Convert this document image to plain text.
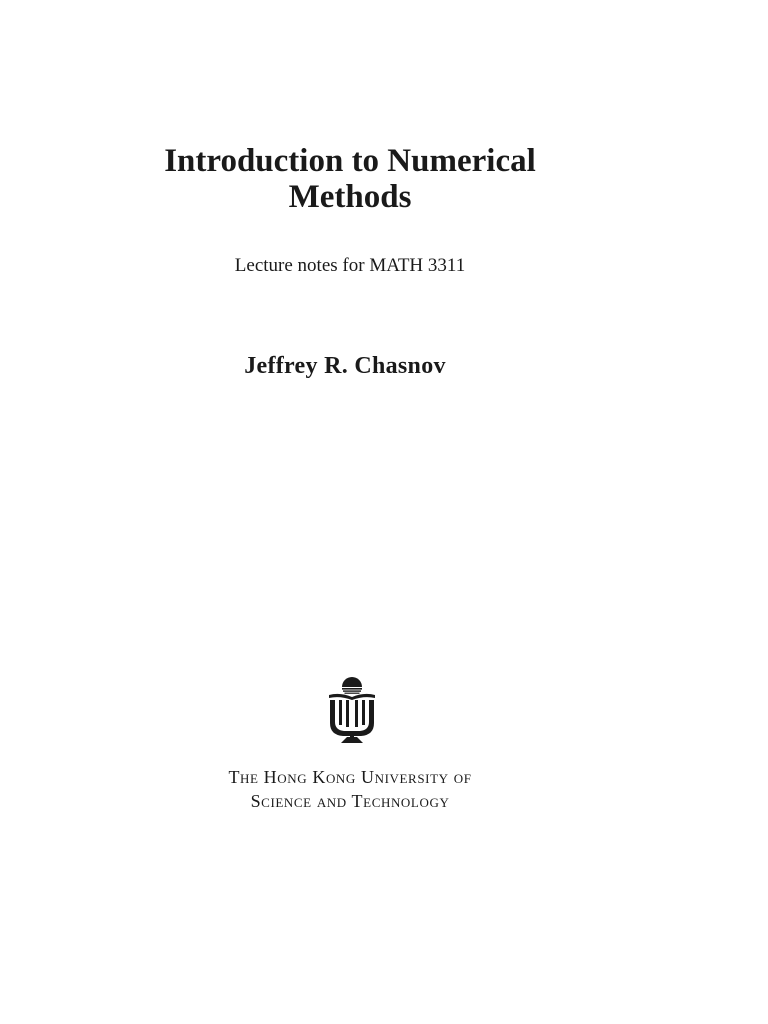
Introduction to Numerical
Methods
Lecture notes for MATH 3311
Jeffrey R. Chasnov
The Hong Kong University of
Science and Technology
